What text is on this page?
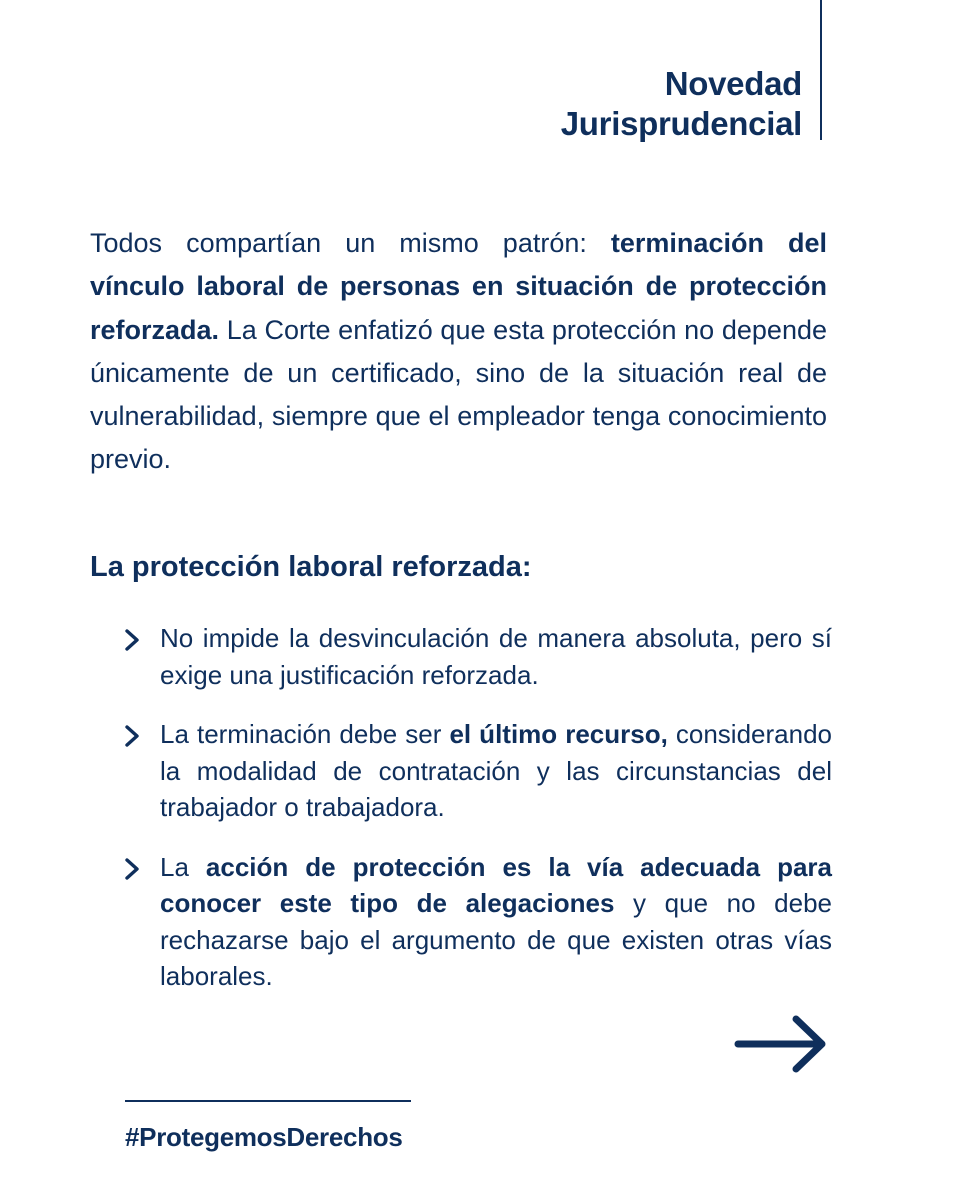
Novedad
Jurisprudencial

Todos compartían un mismo patrón: terminación del vínculo laboral de personas en situación de protección reforzada. La Corte enfatizó que esta protección no depende únicamente de un certificado, sino de la situación real de vulnerabilidad, siempre que el empleador tenga conocimiento previo.

La protección laboral reforzada:
No impide la desvinculación de manera absoluta, pero sí exige una justificación reforzada.
La terminación debe ser el último recurso, considerando la modalidad de contratación y las circunstancias del trabajador o trabajadora.
La acción de protección es la vía adecuada para conocer este tipo de alegaciones y que no debe rechazarse bajo el argumento de que existen otras vías laborales.
#ProtegemosDerechos
